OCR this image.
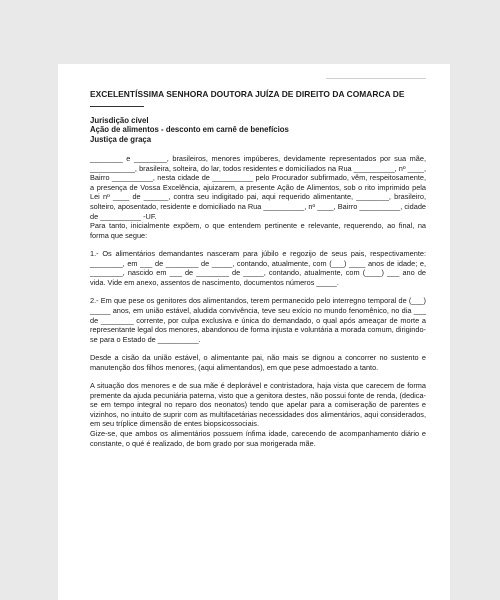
EXCELENTÍSSIMA SENHORA DOUTORA JUÍZA DE DIREITO DA COMARCA DE
Jurisdição cível
Ação de alimentos - desconto em carnê de benefícios
Justiça de graça

________ e ________, brasileiros, menores impúberes, devidamente representados por sua mãe, ___________, brasileira, solteira, do lar, todos residentes e domiciliados na Rua __________, nº ____, Bairro __________, nesta cidade de __________ pelo Procurador subfirmado, vêm, respeitosamente, a presença de Vossa Excelência, ajuizarem, a presente Ação de Alimentos, sob o rito imprimido pela Lei nº ____ de ______, contra seu indigitado pai, aqui requerido alimentante, ________, brasileiro, solteiro, aposentado, residente e domiciliado na Rua __________, nº ____, Bairro __________, cidade de __________ -UF.

Para tanto, inicialmente expõem, o que entendem pertinente e relevante, requerendo, ao final, na forma que segue:

1.- Os alimentários demandantes nasceram para júbilo e regozijo de seus pais, respectivamente: ________, em ___ de ________ de _____, contando, atualmente, com (___) ____ anos de idade; e, ________, nascido em ___ de ________ de _____, contando, atualmente, com (____) ___ ano de vida. Vide em anexo, assentos de nascimento, documentos números _____.

2.- Em que pese os genitores dos alimentandos, terem permanecido pelo interregno temporal de (___) _____ anos, em união estável, aludida convivência, teve seu exício no mundo fenomênico, no dia ___ de ________ corrente, por culpa exclusiva e única do demandado, o qual após ameaçar de morte a representante legal dos menores, abandonou de forma injusta e voluntária a morada comum, dirigindo-se para o Estado de __________.

Desde a cisão da união estável, o alimentante pai, não mais se dignou a concorrer no sustento e manutenção dos filhos menores, (aqui alimentandos), em que pese admoestado a tanto.

A situação dos menores e de sua mãe é deplorável e contristadora, haja vista que carecem de forma premente da ajuda pecuniária paterna, visto que a genitora destes, não possui fonte de renda, (dedica-se em tempo integral no reparo dos neonatos) tendo que apelar para a comiseração de parentes e vizinhos, no intuito de suprir com as multifacetárias necessidades dos alimentários, aqui considerados, em seu tríplice dimensão de entes biopsicossociais.

Gize-se, que ambos os alimentários possuem ínfima idade, carecendo de acompanhamento diário e constante, o qué é realizado, de bom grado por sua morigerada mãe.
